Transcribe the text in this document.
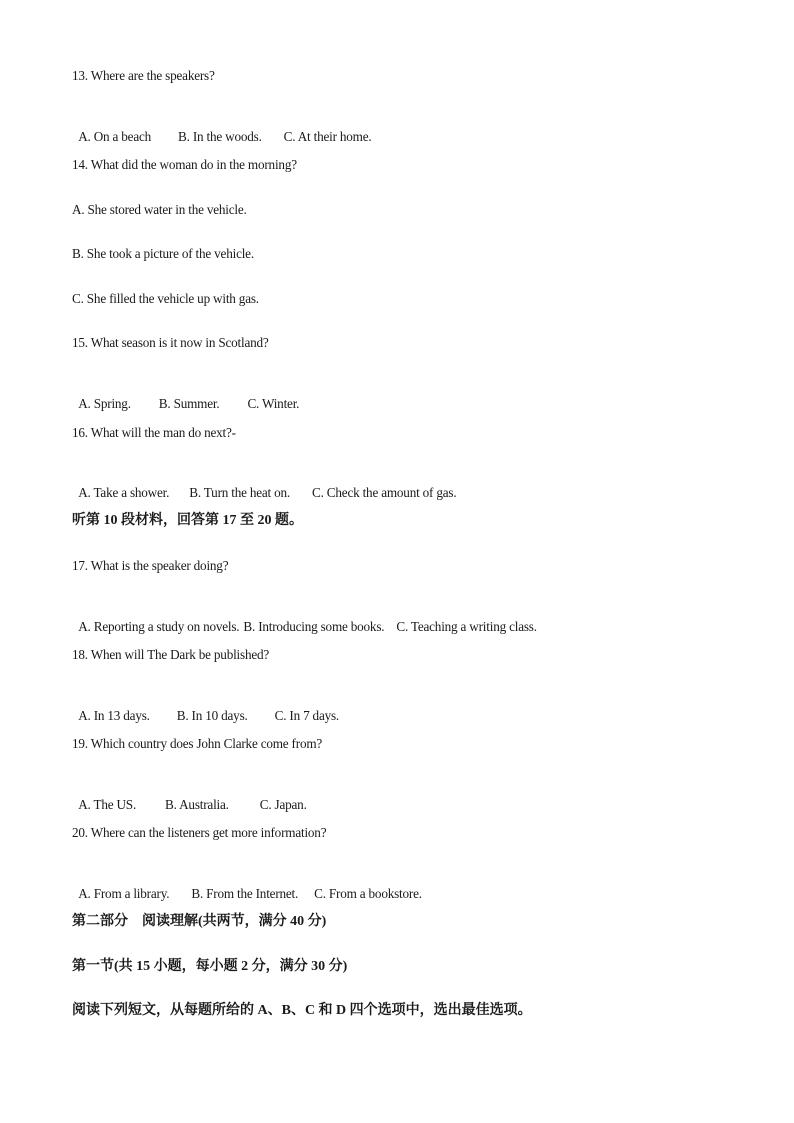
13. Where are the speakers?

A. On a beach B. In the woods. C. At their home.

14. What did the woman do in the morning?
A. She stored water in the vehicle.
B. She took a picture of the vehicle.
C. She filled the vehicle up with gas.
15. What season is it now in Scotland?

A. Spring. B. Summer. C. Winter.

16. What will the man do next?-

A. Take a shower. B. Turn the heat on. C. Check the amount of gas.

听第 10 段材料，回答第 17 至 20 题。
17. What is the speaker doing?

A. Reporting a study on novels. B. Introducing some books. C. Teaching a writing class.

18. When will The Dark be published?

A. In 13 days. B. In 10 days. C. In 7 days.

19. Which country does John Clarke come from?

A. The US. B. Australia. C. Japan.

20. Where can the listeners get more information?

A. From a library. B. From the Internet. C. From a bookstore.

第二部分　阅读理解(共两节，满分 40 分)
第一节(共 15 小题，每小题 2 分，满分 30 分)
阅读下列短文，从每题所给的 A、B、C 和 D 四个选项中，选出最佳选项。
